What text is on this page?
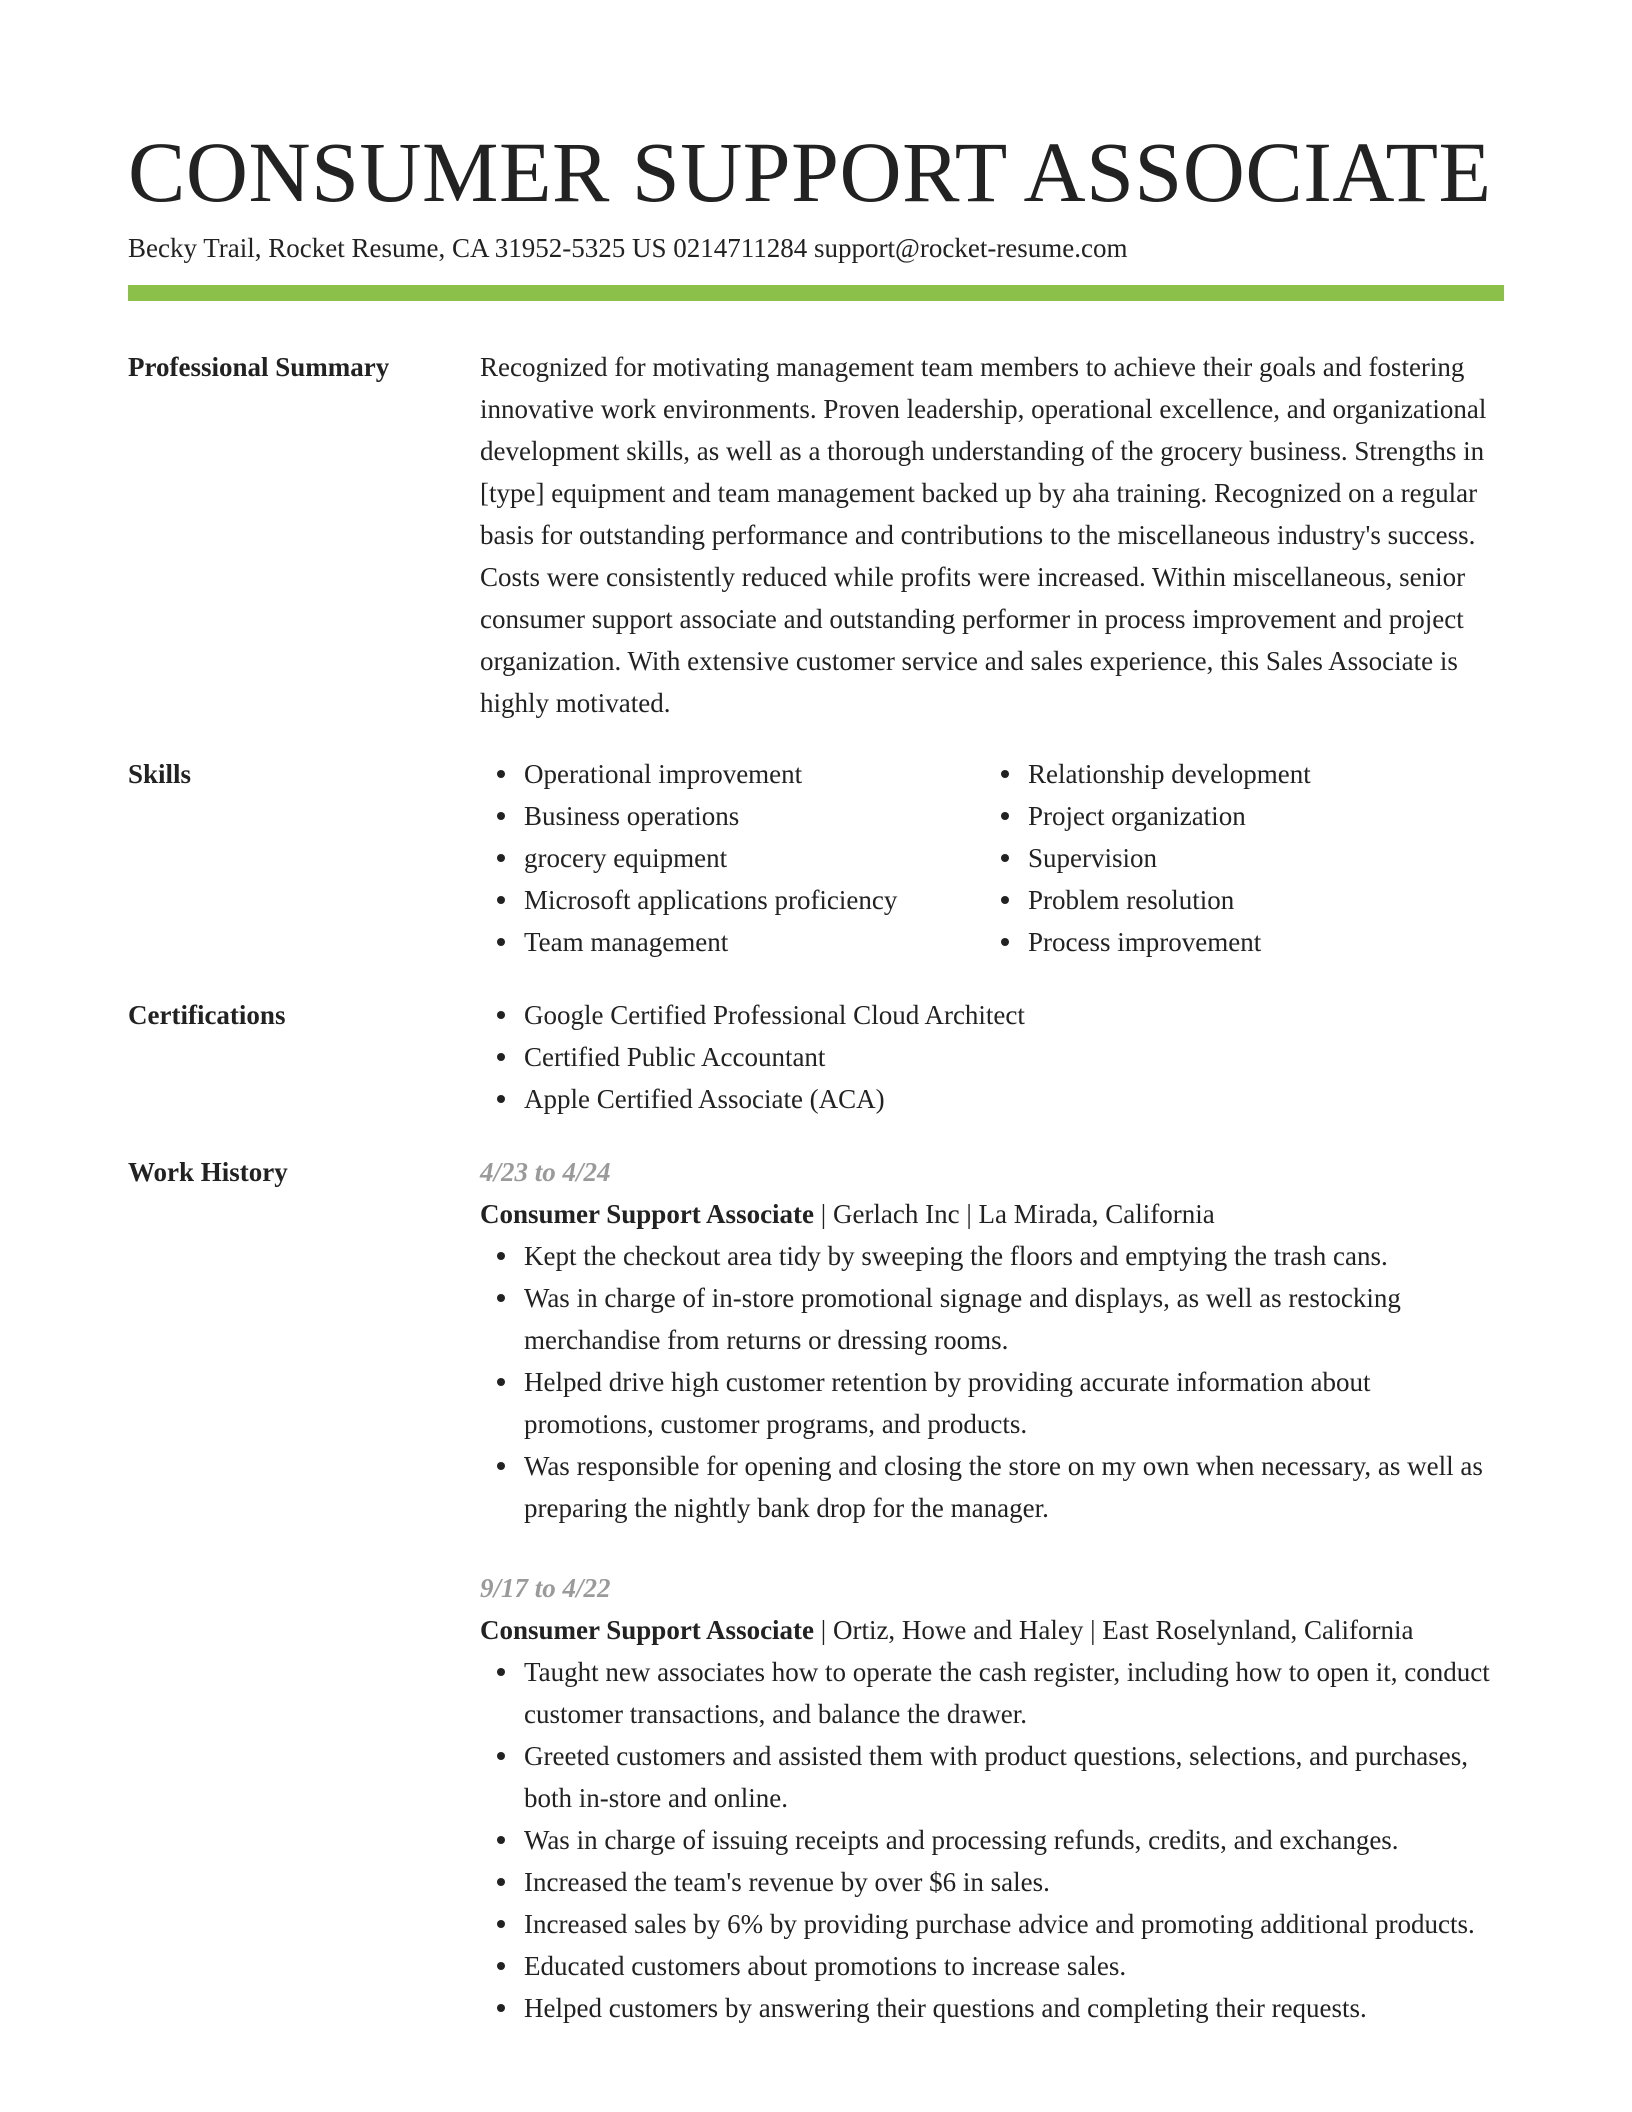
CONSUMER SUPPORT ASSOCIATE
Becky Trail, Rocket Resume, CA 31952-5325 US 0214711284 support@rocket-resume.com
Professional Summary	Recognized for motivating management team members to achieve their goals and fostering innovative work environments. Proven leadership, operational excellence, and organizational development skills, as well as a thorough understanding of the grocery business. Strengths in [type] equipment and team management backed up by aha training. Recognized on a regular basis for outstanding performance and contributions to the miscellaneous industry's success. Costs were consistently reduced while profits were increased. Within miscellaneous, senior consumer support associate and outstanding performer in process improvement and project organization. With extensive customer service and sales experience, this Sales Associate is highly motivated.

Skills	Operational improvement
Business operations
grocery equipment
Microsoft applications proficiency
Team management
Relationship development
Project organization
Supervision
Problem resolution
Process improvement
Certifications	Google Certified Professional Cloud Architect
Certified Public Accountant
Apple Certified Associate (ACA)
Work History	4/23 to 4/24
Consumer Support Associate | Gerlach Inc | La Mirada, California
Kept the checkout area tidy by sweeping the floors and emptying the trash cans.
Was in charge of in-store promotional signage and displays, as well as restocking merchandise from returns or dressing rooms.
Helped drive high customer retention by providing accurate information about promotions, customer programs, and products.
Was responsible for opening and closing the store on my own when necessary, as well as preparing the nightly bank drop for the manager.
9/17 to 4/22
Consumer Support Associate | Ortiz, Howe and Haley | East Roselynland, California
Taught new associates how to operate the cash register, including how to open it, conduct customer transactions, and balance the drawer.
Greeted customers and assisted them with product questions, selections, and purchases, both in-store and online.
Was in charge of issuing receipts and processing refunds, credits, and exchanges.
Increased the team's revenue by over $6 in sales.
Increased sales by 6% by providing purchase advice and promoting additional products.
Educated customers about promotions to increase sales.
Helped customers by answering their questions and completing their requests.
